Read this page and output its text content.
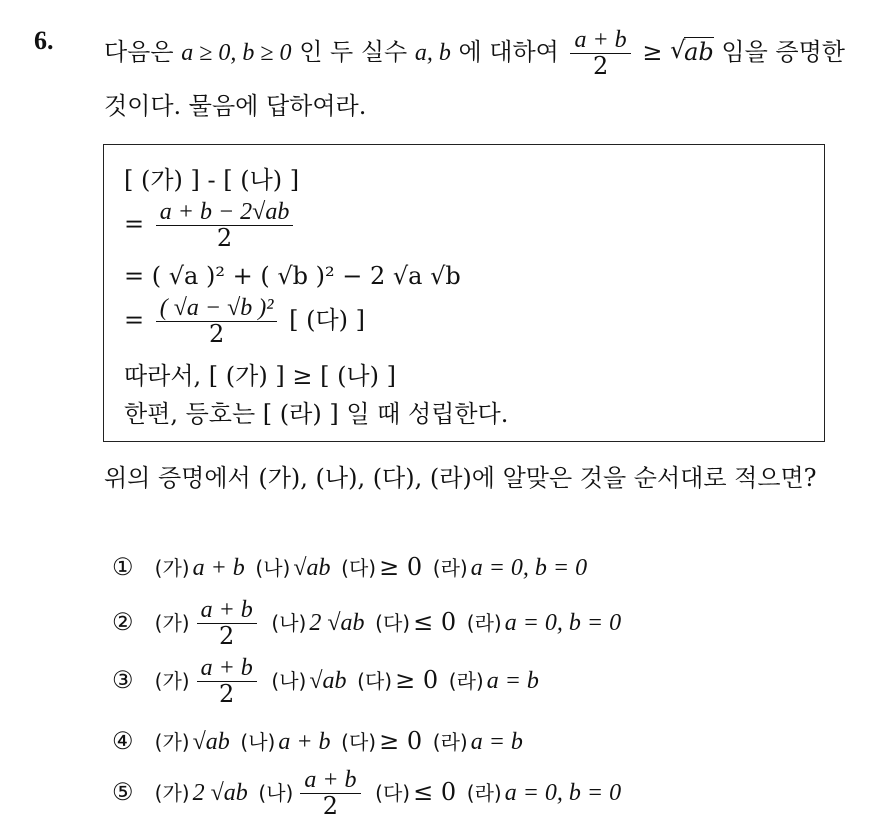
6. 다음은 a ≥ 0, b ≥ 0 인 두 실수 a, b 에 대하여 $\frac{a + b}{2}$ ≥ √
ab 임을 증명한
것이다. 물음에 답하여라.
[ (가) ] - [ (나) ]
= $\frac{a + b - 2√ab}{2}$
= ( √a )² + ( √b )² − 2 √a √b
= $\frac{\text{( √a − √b )²}}{2}$ [ (다) ]
따라서, [ (가) ] ≥ [ (나) ]
한편, 등호는 [ (라) ] 일 때 성립한다.
위의 증명에서 (가), (나), (다), (라)에 알맞은 것을 순서대로 적으면?
① (가) a + b (나) √ab (다) ≥ 0 (라) a = 0, b = 0
② (가) $\frac{a + b}{2}$ (나) 2 √ab (다) ≤ 0 (라) a = 0, b = 0
③ (가) $\frac{a + b}{2}$ (나) √ab (다) ≥ 0 (라) a = b
④ (가) √ab (나) a + b (다) ≥ 0 (라) a = b
⑤ (가) 2 √ab (나) $\frac{a + b}{2}$ (다) ≤ 0 (라) a = 0, b = 0
